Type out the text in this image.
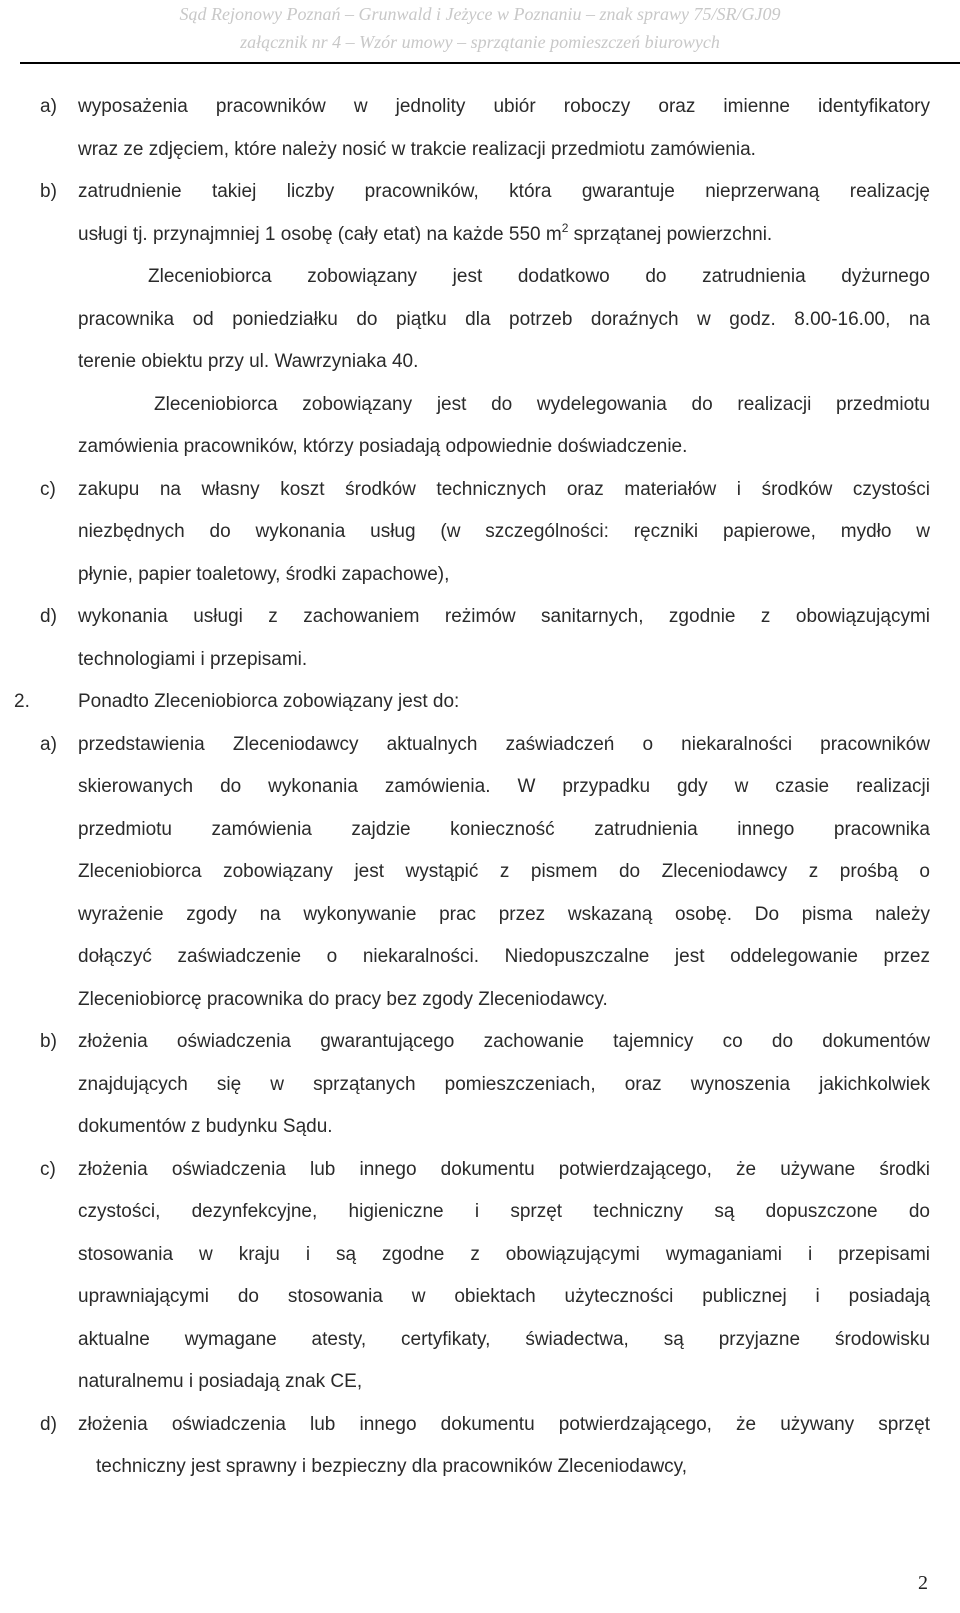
Sąd Rejonowy Poznań – Grunwald i Jeżyce w Poznaniu – znak sprawy 75/SR/GJ09
załącznik nr 4 – Wzór umowy – sprzątanie pomieszczeń biurowych
a) wyposażenia pracowników w jednolity ubiór roboczy oraz imienne identyfikatory
wraz ze zdjęciem, które należy nosić w trakcie realizacji przedmiotu zamówienia.
b) zatrudnienie takiej liczby pracowników, która gwarantuje nieprzerwaną realizację
usługi tj. przynajmniej 1 osobę (cały etat) na każde 550 $m^2$ sprzątanej powierzchni.
Zleceniobiorca zobowiązany jest dodatkowo do zatrudnienia dyżurnego
pracownika od poniedziałku do piątku dla potrzeb doraźnych w godz. 8.00-16.00, na
terenie obiektu przy ul. Wawrzyniaka 40.
Zleceniobiorca zobowiązany jest do wydelegowania do realizacji przedmiotu
zamówienia pracowników, którzy posiadają odpowiednie doświadczenie.
c) zakupu na własny koszt środków technicznych oraz materiałów i środków czystości
niezbędnych do wykonania usług (w szczególności: ręczniki papierowe, mydło w
płynie, papier toaletowy, środki zapachowe),
d) wykonania usługi z zachowaniem reżimów sanitarnych, zgodnie z obowiązującymi
technologiami i przepisami.
2.	Ponadto Zleceniobiorca zobowiązany jest do:
a) przedstawienia Zleceniodawcy aktualnych zaświadczeń o niekaralności pracowników
skierowanych do wykonania zamówienia. W przypadku gdy w czasie realizacji
przedmiotu zamówienia zajdzie konieczność zatrudnienia innego pracownika
Zleceniobiorca zobowiązany jest wystąpić z pismem do Zleceniodawcy z prośbą o
wyrażenie zgody na wykonywanie prac przez wskazaną osobę. Do pisma należy
dołączyć zaświadczenie o niekaralności. Niedopuszczalne jest oddelegowanie przez
Zleceniobiorcę pracownika do pracy bez zgody Zleceniodawcy.
b) złożenia oświadczenia gwarantującego zachowanie tajemnicy co do dokumentów
znajdujących się w sprzątanych pomieszczeniach, oraz wynoszenia jakichkolwiek
dokumentów z budynku Sądu.
c) złożenia oświadczenia lub innego dokumentu potwierdzającego, że używane środki
czystości, dezynfekcyjne, higieniczne i sprzęt techniczny są dopuszczone do
stosowania w kraju i są zgodne z obowiązującymi wymaganiami i przepisami
uprawniającymi do stosowania w obiektach użyteczności publicznej i posiadają
aktualne wymagane atesty, certyfikaty, świadectwa, są przyjazne środowisku
naturalnemu i posiadają znak CE,
d) złożenia oświadczenia lub innego dokumentu potwierdzającego, że używany sprzęt
techniczny jest sprawny i bezpieczny dla pracowników Zleceniodawcy,
2
